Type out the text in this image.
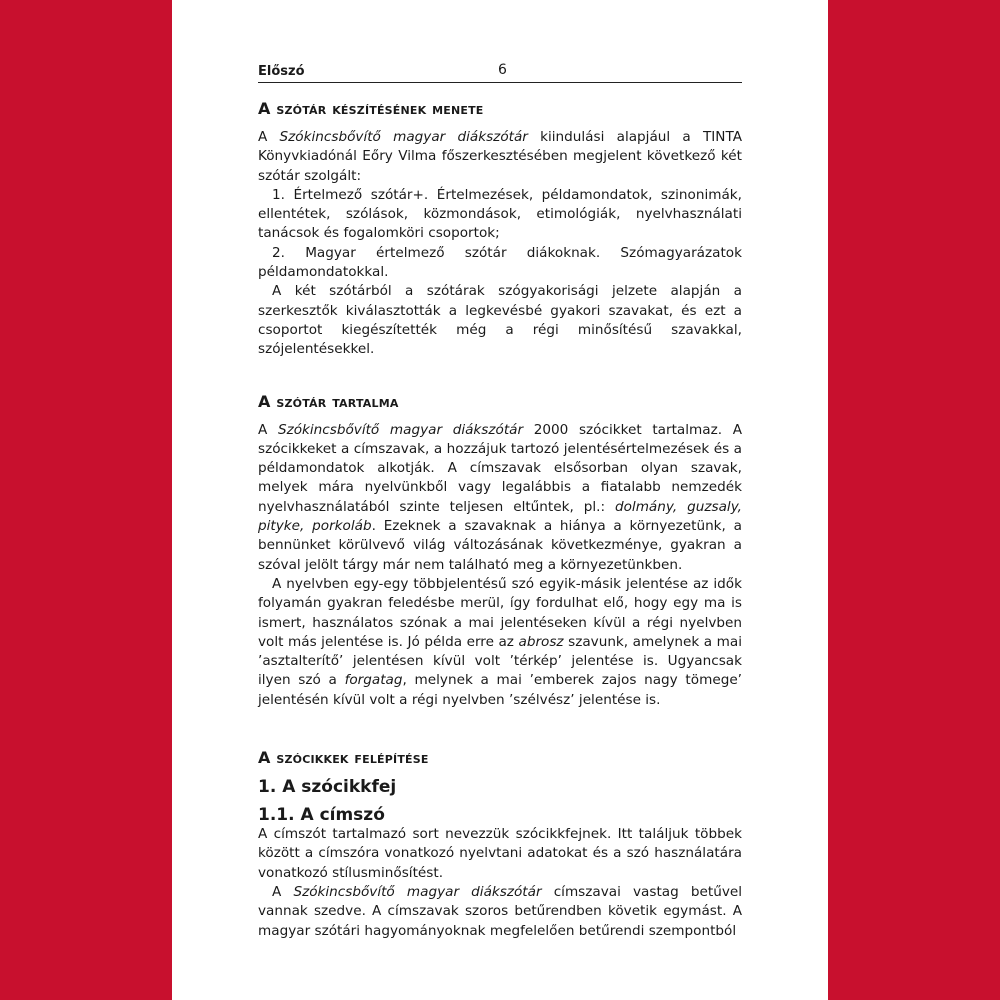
Előszó	6
A szótár készítésének menete

A Szókincsbővítő magyar diákszótár kiindulási alapjául a TINTA Könyvkiadónál Eőry Vilma főszerkesztésében megjelent következő két szótár szolgált:

1. Értelmező szótár+. Értelmezések, példamondatok, szinonimák, ellentétek, szólások, közmondások, etimológiák, nyelvhasználati tanácsok és fogalomköri csoportok;

2. Magyar értelmező szótár diákoknak. Szómagyarázatok példamondatokkal.

A két szótárból a szótárak szógyakorisági jelzete alapján a szerkesztők kiválasztották a legkevésbé gyakori szavakat, és ezt a csoportot kiegészítették még a régi minősítésű szavakkal, szójelentésekkel.

A szótár tartalma

A Szókincsbővítő magyar diákszótár 2000 szócikket tartalmaz. A szócikkeket a címszavak, a hozzájuk tartozó jelentésértelmezések és a példamondatok alkotják. A címszavak elsősorban olyan szavak, melyek mára nyelvünkből vagy legalábbis a fiatalabb nemzedék nyelvhasználatából szinte teljesen eltűntek, pl.: dolmány, guzsaly, pityke, porkoláb. Ezeknek a szavaknak a hiánya a környezetünk, a bennünket körülvevő világ változásának következménye, gyakran a szóval jelölt tárgy már nem található meg a környezetünkben.

A nyelvben egy-egy többjelentésű szó egyik-másik jelentése az idők folyamán gyakran feledésbe merül, így fordulhat elő, hogy egy ma is ismert, használatos szónak a mai jelentéseken kívül a régi nyelvben volt más jelentése is. Jó példa erre az abrosz szavunk, amelynek a mai ’asztalterítő’ jelentésen kívül volt ’térkép’ jelentése is. Ugyancsak ilyen szó a forgatag, melynek a mai ’emberek zajos nagy tömege’ jelentésén kívül volt a régi nyelvben ’szélvész’ jelentése is.

A szócikkek felépítése
1. A szócikkfej
1.1. A címszó

A címszót tartalmazó sort nevezzük szócikkfejnek. Itt találjuk többek között a címszóra vonatkozó nyelvtani adatokat és a szó használatára vonatkozó stílusminősítést.

A Szókincsbővítő magyar diákszótár címszavai vastag betűvel vannak szedve. A címszavak szoros betűrendben követik egymást. A magyar szótári hagyományoknak megfelelően betűrendi szempontból
